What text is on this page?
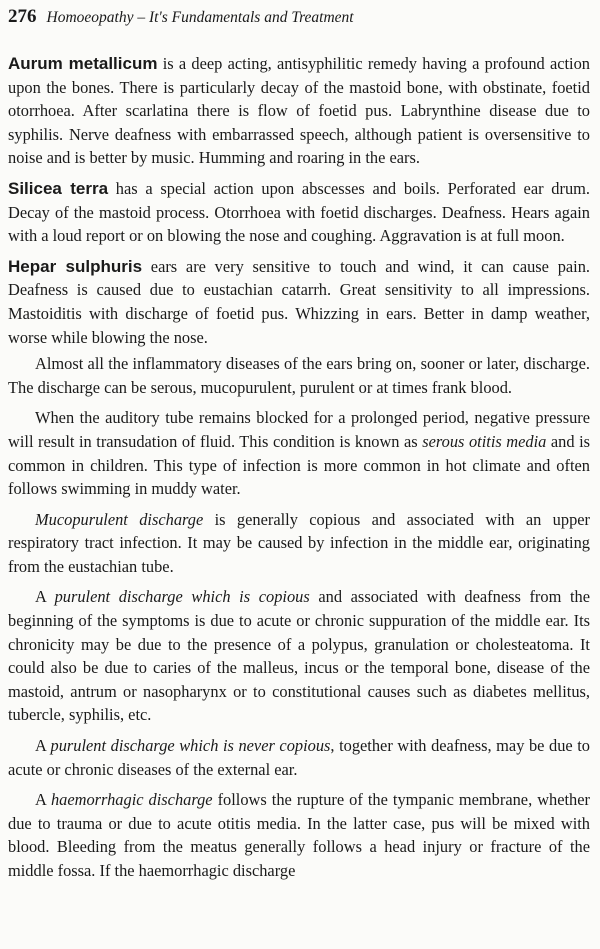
276 Homoeopathy – It's Fundamentals and Treatment

Aurum metallicum is a deep acting, antisyphilitic remedy having a profound action upon the bones. There is particularly decay of the mastoid bone, with obstinate, foetid otorrhoea. After scarlatina there is flow of foetid pus. Labrynthine disease due to syphilis. Nerve deafness with embarrassed speech, although patient is oversensitive to noise and is better by music. Humming and roaring in the ears.

Silicea terra has a special action upon abscesses and boils. Perforated ear drum. Decay of the mastoid process. Otorrhoea with foetid discharges. Deafness. Hears again with a loud report or on blowing the nose and coughing. Aggravation is at full moon.

Hepar sulphuris ears are very sensitive to touch and wind, it can cause pain. Deafness is caused due to eustachian catarrh. Great sensitivity to all impressions. Mastoiditis with discharge of foetid pus. Whizzing in ears. Better in damp weather, worse while blowing the nose.

Almost all the inflammatory diseases of the ears bring on, sooner or later, discharge. The discharge can be serous, mucopurulent, purulent or at times frank blood.

When the auditory tube remains blocked for a prolonged period, negative pressure will result in transudation of fluid. This condition is known as serous otitis media and is common in children. This type of infection is more common in hot climate and often follows swimming in muddy water.

Mucopurulent discharge is generally copious and associated with an upper respiratory tract infection. It may be caused by infection in the middle ear, originating from the eustachian tube.

A purulent discharge which is copious and associated with deafness from the beginning of the symptoms is due to acute or chronic suppuration of the middle ear. Its chronicity may be due to the presence of a polypus, granulation or cholesteatoma. It could also be due to caries of the malleus, incus or the temporal bone, disease of the mastoid, antrum or nasopharynx or to constitutional causes such as diabetes mellitus, tubercle, syphilis, etc.

A purulent discharge which is never copious, together with deafness, may be due to acute or chronic diseases of the external ear.

A haemorrhagic discharge follows the rupture of the tympanic membrane, whether due to trauma or due to acute otitis media. In the latter case, pus will be mixed with blood. Bleeding from the meatus generally follows a head injury or fracture of the middle fossa. If the haemorrhagic discharge
